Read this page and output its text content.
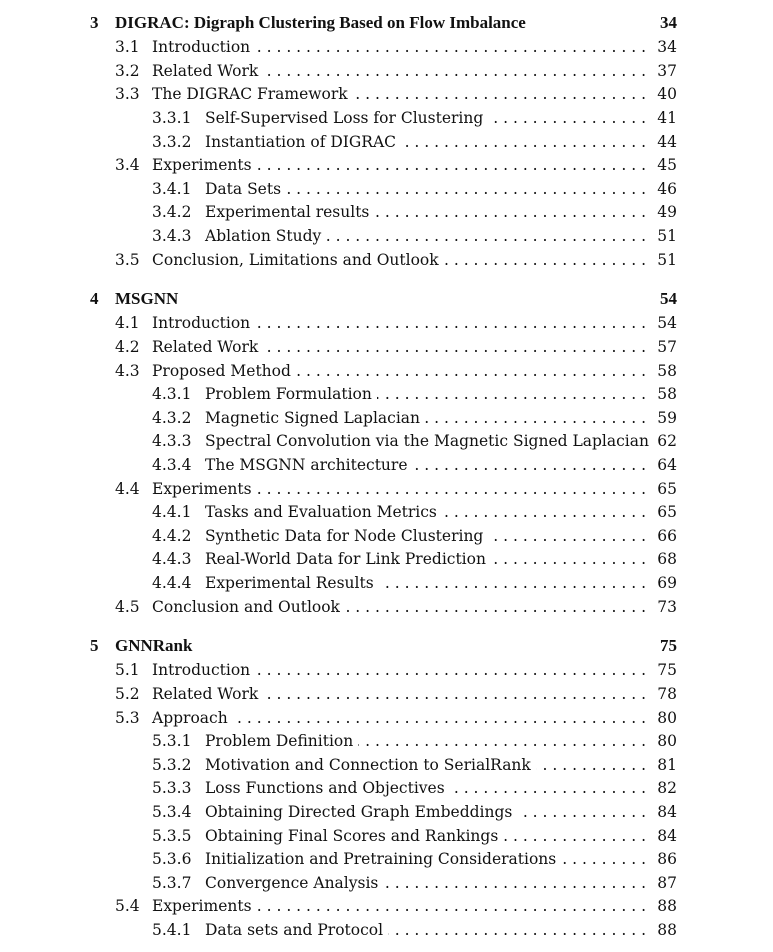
3 DIGRAC: Digraph Clustering Based on Flow Imbalance	34
3.1 Introduction . . .	34
3.2 Related Work . . .	37
3.3 The DIGRAC Framework . . .	40
3.3.1 Self-Supervised Loss for Clustering . . .	41
3.3.2 Instantiation of DIGRAC . . .	44
3.4 Experiments . . .	45
3.4.1 Data Sets . . .	46
3.4.2 Experimental results . . .	49
3.4.3 Ablation Study . . .	51
3.5 Conclusion, Limitations and Outlook . . .	51
4 MSGNN	54
4.1 Introduction . . .	54
4.2 Related Work . . .	57
4.3 Proposed Method . . .	58
4.3.1 Problem Formulation . . .	58
4.3.2 Magnetic Signed Laplacian . . .	59
4.3.3 Spectral Convolution via the Magnetic Signed Laplacian . . . 62
4.3.4 The MSGNN architecture . . .	64
4.4 Experiments . . .	65
4.4.1 Tasks and Evaluation Metrics . . .	65
4.4.2 Synthetic Data for Node Clustering . . .	66
4.4.3 Real-World Data for Link Prediction . . .	68
4.4.4 Experimental Results . . .	69
4.5 Conclusion and Outlook . . .	73
5 GNNRank	75
5.1 Introduction . . .	75
5.2 Related Work . . .	78
5.3 Approach . . .	80
5.3.1 Problem Definition . . .	80
5.3.2 Motivation and Connection to SerialRank . . .	81
5.3.3 Loss Functions and Objectives . . .	82
5.3.4 Obtaining Directed Graph Embeddings . . .	84
5.3.5 Obtaining Final Scores and Rankings . . .	84
5.3.6 Initialization and Pretraining Considerations . . .	86
5.3.7 Convergence Analysis . . .	87
5.4 Experiments . . .	88
5.4.1 Data sets and Protocol . . .	88
